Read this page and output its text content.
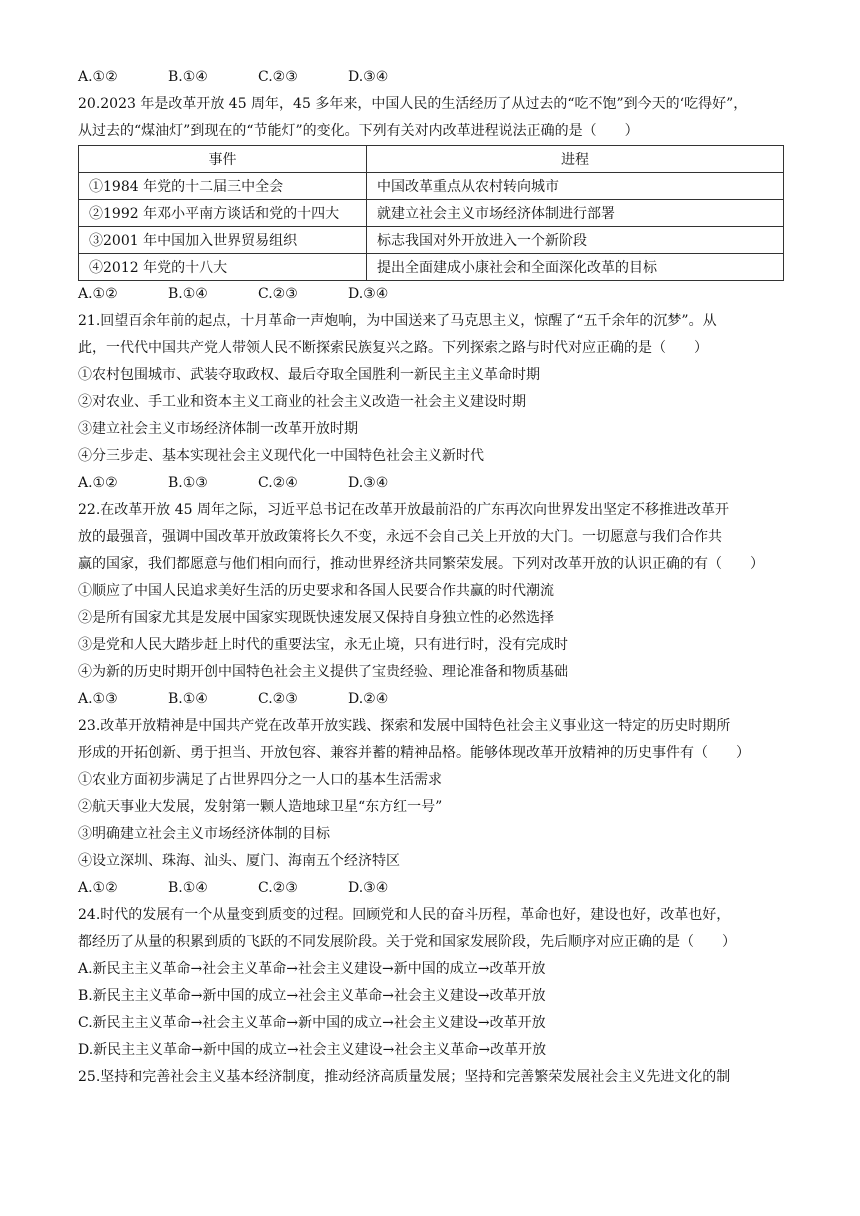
A.①②	B.①④	C.②③	D.③④
20.2023 年是改革开放 45 周年，45 多年来，中国人民的生活经历了从过去的“吃不饱”到今天的‘吃得好”，
从过去的“煤油灯”到现在的“节能灯”的变化。下列有关对内改革进程说法正确的是（　　）
事件	进程
①1984 年党的十二届三中全会	中国改革重点从农村转向城市
②1992 年邓小平南方谈话和党的十四大	就建立社会主义市场经济体制进行部署
③2001 年中国加入世界贸易组织	标志我国对外开放进入一个新阶段
④2012 年党的十八大	提出全面建成小康社会和全面深化改革的目标
A.①②	B.①④	C.②③	D.③④
21.回望百余年前的起点，十月革命一声炮响，为中国送来了马克思主义，惊醒了“五千余年的沉梦”。从
此，一代代中国共产党人带领人民不断探索民族复兴之路。下列探索之路与时代对应正确的是（　　）
①农村包围城市、武装夺取政权、最后夺取全国胜利一新民主主义革命时期
②对农业、手工业和资本主义工商业的社会主义改造一社会主义建设时期
③建立社会主义市场经济体制一改革开放时期
④分三步走、基本实现社会主义现代化一中国特色社会主义新时代
A.①②	B.①③	C.②④	D.③④
22.在改革开放 45 周年之际，习近平总书记在改革开放最前沿的广东再次向世界发出坚定不移推进改革开
放的最强音，强调中国改革开放政策将长久不变，永远不会自己关上开放的大门。一切愿意与我们合作共
赢的国家，我们都愿意与他们相向而行，推动世界经济共同繁荣发展。下列对改革开放的认识正确的有（　　）
①顺应了中国人民追求美好生活的历史要求和各国人民要合作共赢的时代潮流
②是所有国家尤其是发展中国家实现既快速发展又保持自身独立性的必然选择
③是党和人民大踏步赶上时代的重要法宝，永无止境，只有进行时，没有完成时
④为新的历史时期开创中国特色社会主义提供了宝贵经验、理论准备和物质基础
A.①③	B.①④	C.②③	D.②④
23.改革开放精神是中国共产党在改革开放实践、探索和发展中国特色社会主义事业这一特定的历史时期所
形成的开拓创新、勇于担当、开放包容、兼容并蓄的精神品格。能够体现改革开放精神的历史事件有（　　）
①农业方面初步满足了占世界四分之一人口的基本生活需求
②航天事业大发展，发射第一颗人造地球卫星“东方红一号”
③明确建立社会主义市场经济体制的目标
④设立深圳、珠海、汕头、厦门、海南五个经济特区
A.①②	B.①④	C.②③	D.③④
24.时代的发展有一个从量变到质变的过程。回顾党和人民的奋斗历程，革命也好，建设也好，改革也好，
都经历了从量的积累到质的飞跃的不同发展阶段。关于党和国家发展阶段，先后顺序对应正确的是（　　）
A.新民主主义革命→社会主义革命→社会主义建设→新中国的成立→改革开放
B.新民主主义革命→新中国的成立→社会主义革命→社会主义建设→改革开放
C.新民主主义革命→社会主义革命→新中国的成立→社会主义建设→改革开放
D.新民主主义革命→新中国的成立→社会主义建设→社会主义革命→改革开放
25.坚持和完善社会主义基本经济制度，推动经济高质量发展；坚持和完善繁荣发展社会主义先进文化的制
